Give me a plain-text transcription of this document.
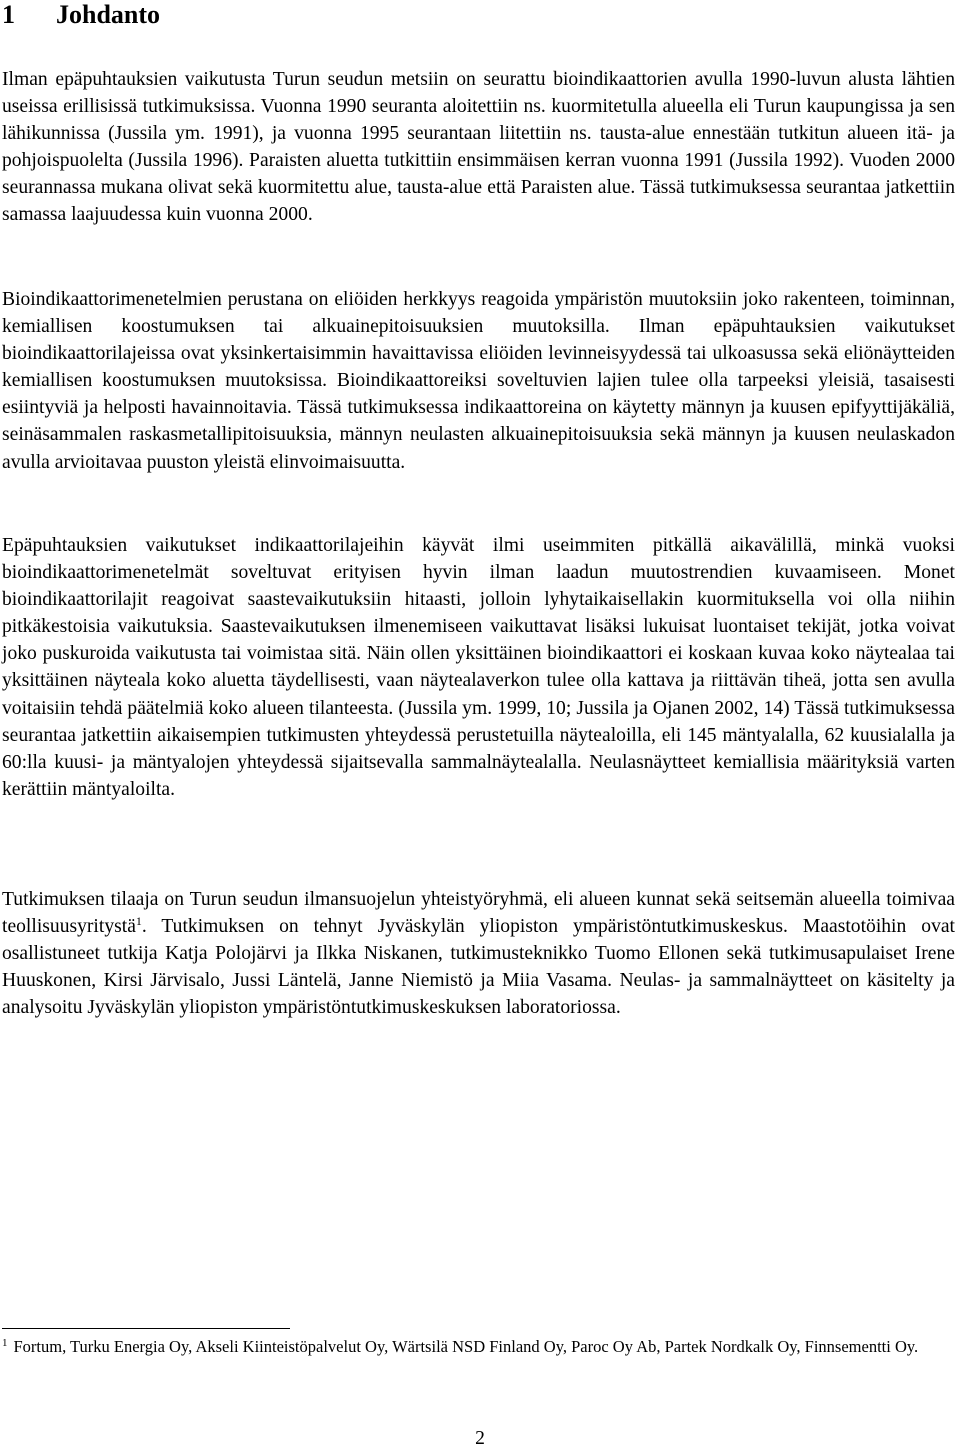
1 Johdanto

Ilman epäpuhtauksien vaikutusta Turun seudun metsiin on seurattu bioindikaattorien avulla 1990-luvun alusta lähtien useissa erillisissä tutkimuksissa. Vuonna 1990 seuranta aloitettiin ns. kuormitetulla alueella eli Turun kaupungissa ja sen lähikunnissa (Jussila ym. 1991), ja vuonna 1995 seurantaan liitettiin ns. tausta-alue ennestään tutkitun alueen itä- ja pohjoispuolelta (Jussila 1996). Paraisten aluetta tutkittiin ensimmäisen kerran vuonna 1991 (Jussila 1992). Vuoden 2000 seurannassa mukana olivat sekä kuormitettu alue, tausta-alue että Paraisten alue. Tässä tutkimuksessa seurantaa jatkettiin samassa laajuudessa kuin vuonna 2000.

Bioindikaattorimenetelmien perustana on eliöiden herkkyys reagoida ympäristön muutoksiin joko rakenteen, toiminnan, kemiallisen koostumuksen tai alkuainepitoisuuksien muutoksilla. Ilman epäpuhtauksien vaikutukset bioindikaattorilajeissa ovat yksinkertaisimmin havaittavissa eliöiden levinneisyydessä tai ulkoasussa sekä eliönäytteiden kemiallisen koostumuksen muutoksissa. Bioindikaattoreiksi soveltuvien lajien tulee olla tarpeeksi yleisiä, tasaisesti esiintyviä ja helposti havainnoitavia. Tässä tutkimuksessa indikaattoreina on käytetty männyn ja kuusen epifyyttijäkäliä, seinäsammalen raskasmetallipitoisuuksia, männyn neulasten alkuainepitoisuuksia sekä männyn ja kuusen neulaskadon avulla arvioitavaa puuston yleistä elinvoimaisuutta.

Epäpuhtauksien vaikutukset indikaattorilajeihin käyvät ilmi useimmiten pitkällä aikavälillä, minkä vuoksi bioindikaattorimenetelmät soveltuvat erityisen hyvin ilman laadun muutostrendien kuvaamiseen. Monet bioindikaattorilajit reagoivat saastevaikutuksiin hitaasti, jolloin lyhytaikaisellakin kuormituksella voi olla niihin pitkäkestoisia vaikutuksia. Saastevaikutuksen ilmenemiseen vaikuttavat lisäksi lukuisat luontaiset tekijät, jotka voivat joko puskuroida vaikutusta tai voimistaa sitä. Näin ollen yksittäinen bioindikaattori ei koskaan kuvaa koko näytealaa tai yksittäinen näyteala koko aluetta täydellisesti, vaan näytealaverkon tulee olla kattava ja riittävän tiheä, jotta sen avulla voitaisiin tehdä päätelmiä koko alueen tilanteesta. (Jussila ym. 1999, 10; Jussila ja Ojanen 2002, 14) Tässä tutkimuksessa seurantaa jatkettiin aikaisempien tutkimusten yhteydessä perustetuilla näytealoilla, eli 145 mäntyalalla, 62 kuusialalla ja 60:lla kuusi- ja mäntyalojen yhteydessä sijaitsevalla sammalnäytealalla. Neulasnäytteet kemiallisia määrityksiä varten kerättiin mäntyaloilta.

Tutkimuksen tilaaja on Turun seudun ilmansuojelun yhteistyöryhmä, eli alueen kunnat sekä seitsemän alueella toimivaa teollisuusyritystä$^1$. Tutkimuksen on tehnyt Jyväskylän yliopiston ympäristöntutkimuskeskus. Maastotöihin ovat osallistuneet tutkija Katja Polojärvi ja Ilkka Niskanen, tutkimusteknikko Tuomo Ellonen sekä tutkimusapulaiset Irene Huuskonen, Kirsi Järvisalo, Jussi Läntelä, Janne Niemistö ja Miia Vasama. Neulas- ja sammalnäytteet on käsitelty ja analysoitu Jyväskylän yliopiston ympäristöntutkimuskeskuksen laboratoriossa.

$^1$ Fortum, Turku Energia Oy, Akseli Kiinteistöpalvelut Oy, Wärtsilä NSD Finland Oy, Paroc Oy Ab, Partek Nordkalk Oy, Finnsementti Oy.

2
